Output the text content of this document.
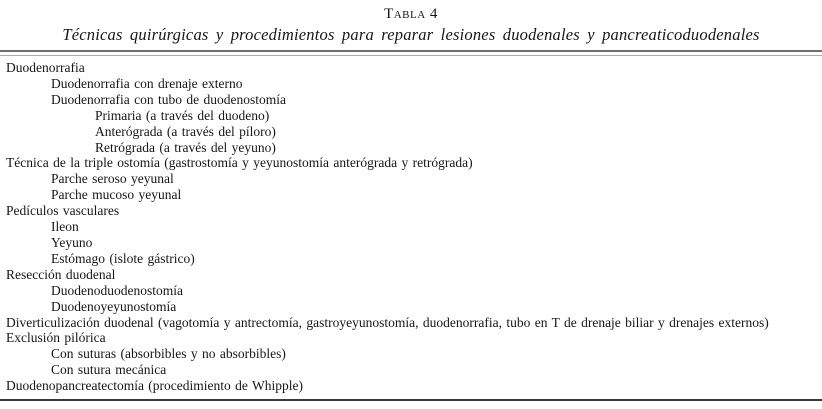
Tabla 4
Técnicas quirúrgicas y procedimientos para reparar lesiones duodenales y pancreaticoduodenales
Duodenorrafia
Duodenorrafia con drenaje externo
Duodenorrafia con tubo de duodenostomía
Primaria (a través del duodeno)
Anterógrada (a través del píloro)
Retrógrada (a través del yeyuno)
Técnica de la triple ostomía (gastrostomía y yeyunostomía anterógrada y retrógrada)
Parche seroso yeyunal
Parche mucoso yeyunal
Pedículos vasculares
Ileon
Yeyuno
Estómago (islote gástrico)
Resección duodenal
Duodenoduodenostomía
Duodenoyeyunostomía
Diverticulización duodenal (vagotomía y antrectomía, gastroyeyunostomía, duodenorrafia, tubo en T de drenaje biliar y drenajes externos)
Exclusión pilórica
Con suturas (absorbibles y no absorbibles)
Con sutura mecánica
Duodenopancreatectomía (procedimiento de Whipple)
